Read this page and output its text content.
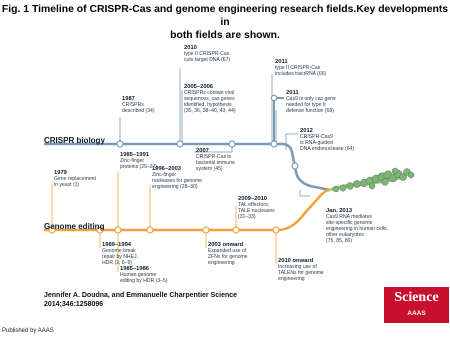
Fig. 1 Timeline of CRISPR-Cas and genome engineering research fields.Key developments in
both fields are shown.
CRISPR biology
Genome editing
1987
CRISPRs
described (34)
2005–2006
CRISPRs contain viral
sequences, cas genes
identified, hypothesis
(35, 36, 38–40, 43, 44)
2010
type II CRISPR-Cas
cuts target DNA (67)
2007
CRISPR-Cas is
bacterial immune
system (45)
2011
type II CRISPR-Cas
includes tracrRNA (66)
2011
Cas9 is only cas gene
needed for type II
defense function (68)
2012
CRISPR-Cas9
is RNA-guided
DNA endonuclease (64)
Jan. 2013
Cas9 RNA mediates
site-specific genome
engineering in human cells,
other eukaryotes
(75, 85, 86)
1979
Gene replacement
in yeast (1)
1985–1991
Zinc-finger
proteins (25–27)
1996–2003
Zinc-finger
nucleases for genome
engineering (28–30)
2009–2010
TAL effectors;
TALE nucleases
(31–33)
1989–1994
Genome break
repair by NHEJ,
HDR (2, 6–9)
2003 onward
Expanded use of
ZFNs for genome
engineering
1985–1986
Human genome
editing by HDR (3–5)
2010 onward
Increasing use of
TALENs for genome
engineering
Jennifer A. Doudna, and Emmanuelle Charpentier Science
2014;346:1258096	Science
AAAS
Published by AAAS
